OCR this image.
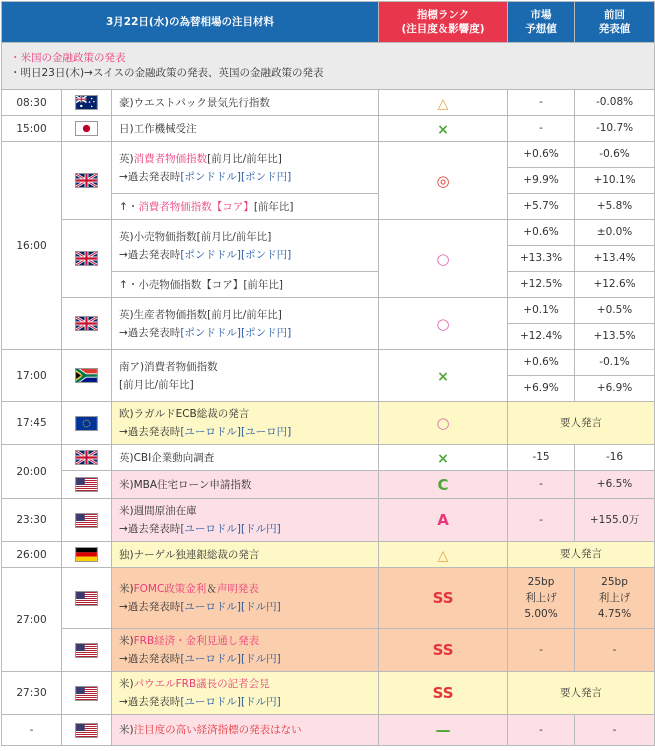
3月22日(水)の為替相場の注目材料			指標ランク
(注目度＆影響度)	市場
予想値	前回
発表値

・米国の金融政策の発表
・明日23日(木)→スイスの金融政策の発表、英国の金融政策の発表					

08:30		豪)ウエストパック景気先行指数	△	-	-0.08%
15:00		日)工作機械受注	×	-	-10.7%
16:00		英)消費者物価指数[前月比/前年比]
→過去発表時[ポンドドル][ポンド円]	◎	+0.6%	-0.6%
				+9.9%	+10.1%
		↑・消費者物価指数【コア】[前年比]		+5.7%	+5.8%

	英)小売物価指数[前月比/前年比]
→過去発表時[ポンドドル][ポンド円]	○	+0.6%	±0.0%
				+13.3%	+13.4%
		↑・小売物価指数【コア】[前年比]		+12.5%	+12.6%

	英)生産者物価指数[前月比/前年比]
→過去発表時[ポンドドル][ポンド円]	○	+0.1%	+0.5%
				+12.4%	+13.5%
17:00		南ア)消費者物価指数
[前月比/前年比]	×	+0.6%	-0.1%
				+6.9%	+6.9%
17:45		欧)ラガルドECB総裁の発言
→過去発表時[ユーロドル][ユーロ円]	○	要人発言	
20:00		英)CBI企業動向調査	×	-15	-16

	米)MBA住宅ローン申請指数	C	-	+6.5%
23:30		米)週間原油在庫
→過去発表時[ユーロドル][ドル円]	A	-	+155.0万
26:00		独)ナーゲル独連銀総裁の発言	△	要人発言	
27:00		米)FOMC政策金利＆声明発表
→過去発表時[ユーロドル][ドル円]	SS	25bp
利上げ
5.00%	25bp
利上げ
4.75%

	米)FRB経済・金利見通し発表
→過去発表時[ユーロドル][ドル円]	SS	-	-
27:30		米)パウエルFRB議長の記者会見
→過去発表時[ユーロドル][ドル円]	SS	要人発言	
-		米)注目度の高い経済指標の発表はない	—	-	-
